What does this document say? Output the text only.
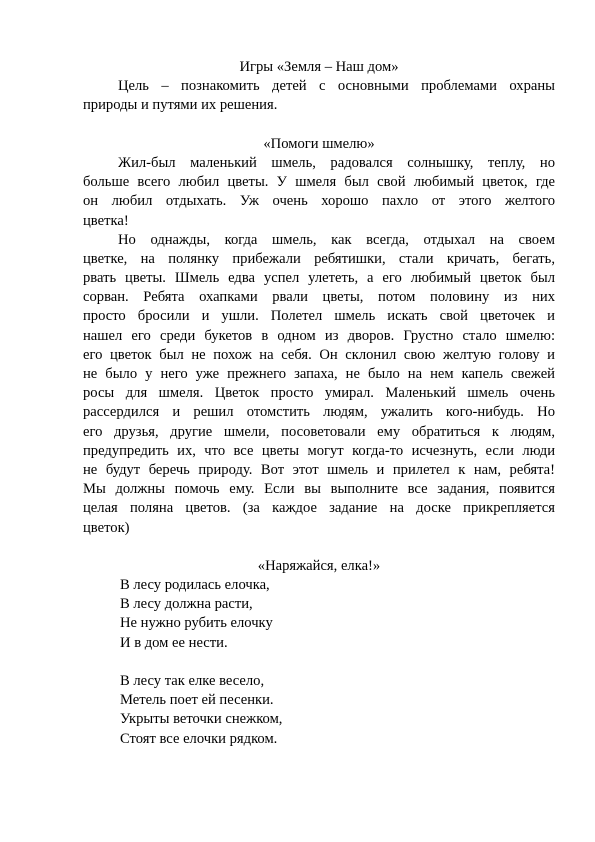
Игры «Земля – Наш дом»
Цель – познакомить детей с основными проблемами охраны
природы и путями их решения.
«Помоги шмелю»
Жил-был маленький шмель, радовался солнышку, теплу, но
больше всего любил цветы. У шмеля был свой любимый цветок, где
он любил отдыхать. Уж очень хорошо пахло от этого желтого
цветка!
Но однажды, когда шмель, как всегда, отдыхал на своем
цветке, на полянку прибежали ребятишки, стали кричать, бегать,
рвать цветы. Шмель едва успел улететь, а его любимый цветок был
сорван. Ребята охапками рвали цветы, потом половину из них
просто бросили и ушли. Полетел шмель искать свой цветочек и
нашел его среди букетов в одном из дворов. Грустно стало шмелю:
его цветок был не похож на себя. Он склонил свою желтую голову и
не было у него уже прежнего запаха, не было на нем капель свежей
росы для шмеля. Цветок просто умирал. Маленький шмель очень
рассердился и решил отомстить людям, ужалить кого-нибудь. Но
его друзья, другие шмели, посоветовали ему обратиться к людям,
предупредить их, что все цветы могут когда-то исчезнуть, если люди
не будут беречь природу. Вот этот шмель и прилетел к нам, ребята!
Мы должны помочь ему. Если вы выполните все задания, появится
целая поляна цветов. (за каждое задание на доске прикрепляется
цветок)
«Наряжайся, елка!»
В лесу родилась елочка,
В лесу должна расти,
Не нужно рубить елочку
И в дом ее нести.
В лесу так елке весело,
Метель поет ей песенки.
Укрыты веточки снежком,
Стоят все елочки рядком.
